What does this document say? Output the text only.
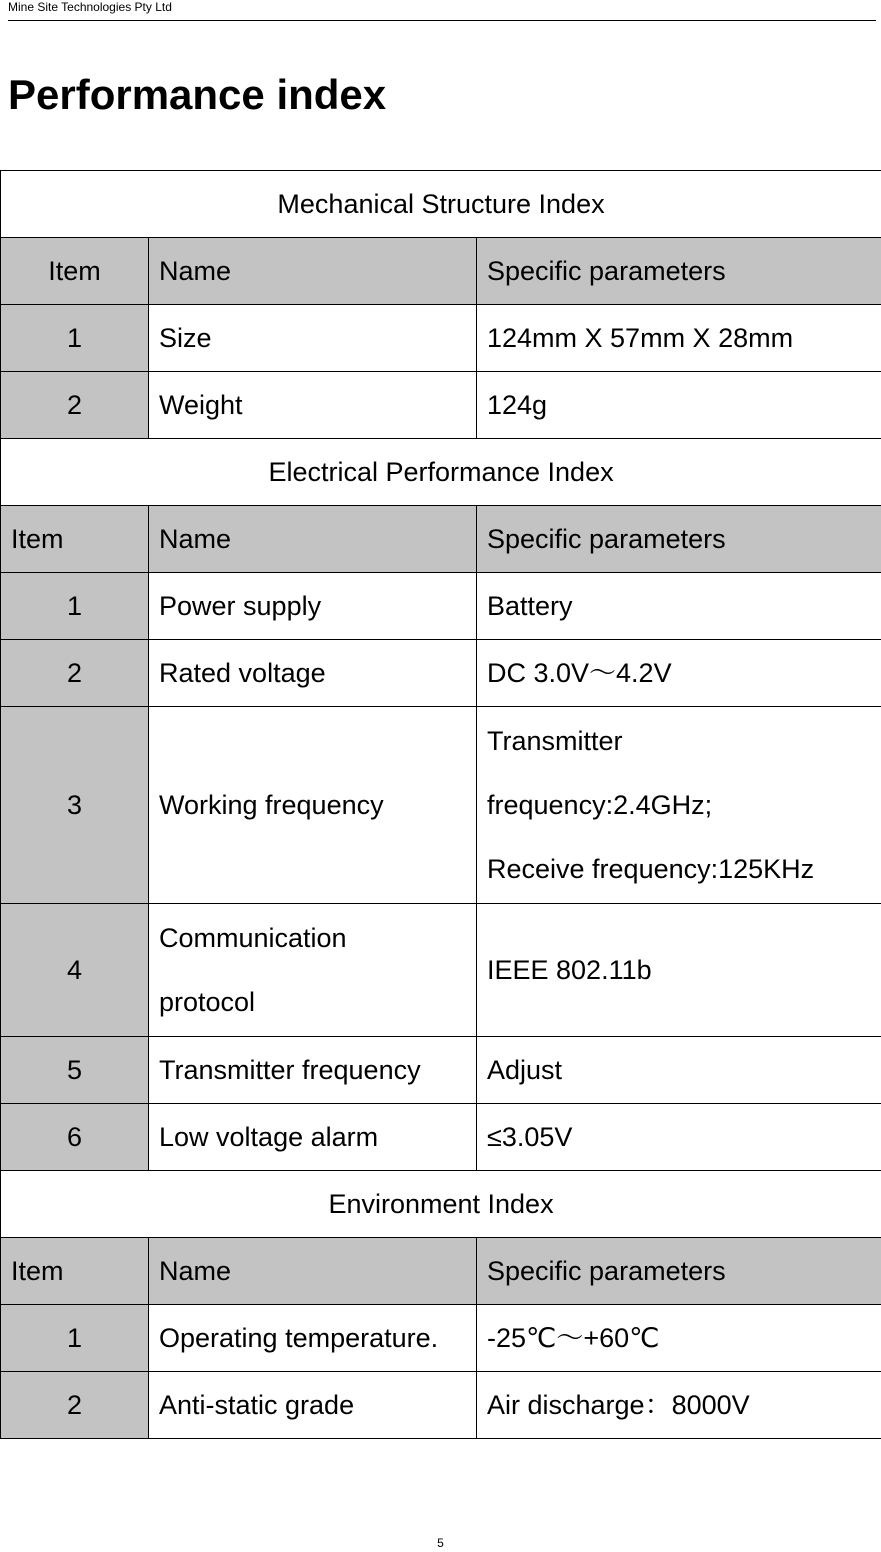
Mine Site Technologies Pty Ltd
Performance index
Mechanical Structure Index		
Item	Name	Specific parameters
1	Size	124mm X 57mm X 28mm
2	Weight	124g
Electrical Performance Index		
Item	Name	Specific parameters
1	Power supply	Battery
2	Rated voltage	DC 3.0V～4.2V
3	Working frequency	Transmitter
frequency:2.4GHz;
Receive frequency:125KHz

4	Communication
protocol	IEEE 802.11b
5	Transmitter frequency	Adjust
6	Low voltage alarm	≤3.05V
Environment Index		
Item	Name	Specific parameters
1	Operating temperature.	-25℃～+60℃
2	Anti-static grade	Air discharge：8000V
5
